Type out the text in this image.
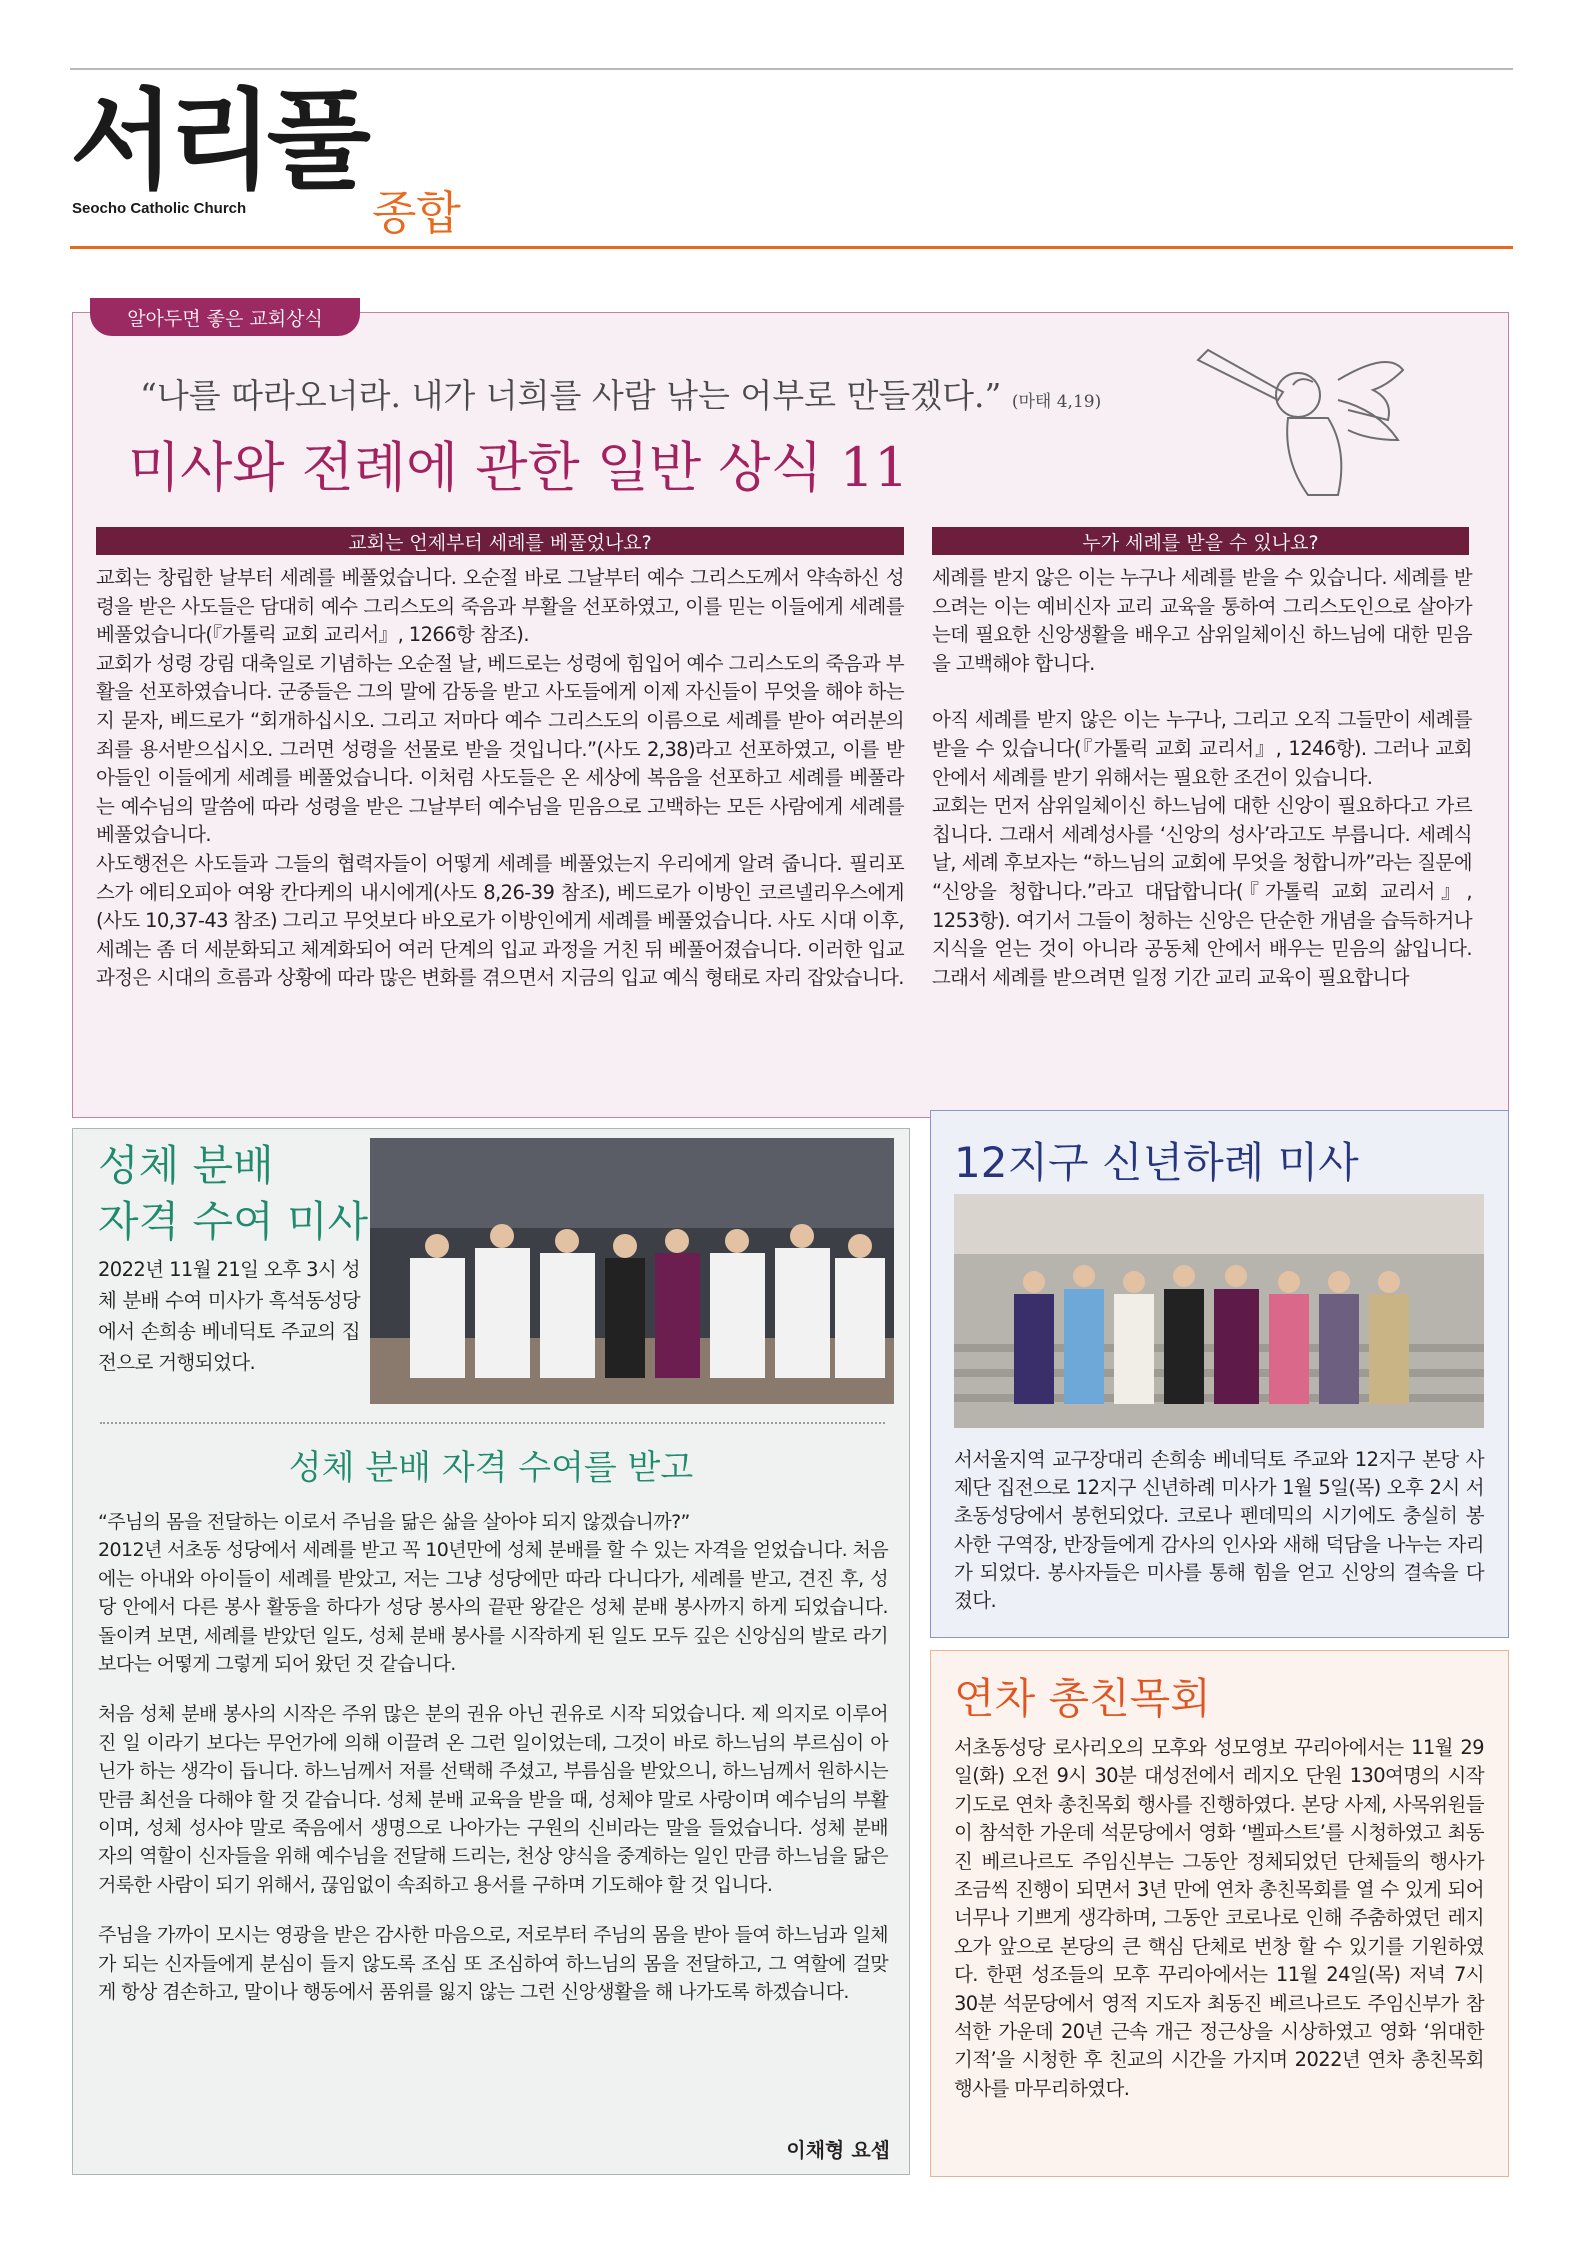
서리풀
Seocho Catholic Church	종합
알아두면 좋은 교회상식
“나를 따라오너라. 내가 너희를 사람 낚는 어부로 만들겠다.” (마태 4,19)
미사와 전례에 관한 일반 상식 11
교회는 언제부터 세례를 베풀었나요?

교회는 창립한 날부터 세례를 베풀었습니다. 오순절 바로 그날부터 예수 그리스도께서 약속하신 성령을 받은 사도들은 담대히 예수 그리스도의 죽음과 부활을 선포하였고, 이를 믿는 이들에게 세례를 베풀었습니다(『가톨릭 교회 교리서』, 1266항 참조).

교회가 성령 강림 대축일로 기념하는 오순절 날, 베드로는 성령에 힘입어 예수 그리스도의 죽음과 부활을 선포하였습니다. 군중들은 그의 말에 감동을 받고 사도들에게 이제 자신들이 무엇을 해야 하는지 묻자, 베드로가 “회개하십시오. 그리고 저마다 예수 그리스도의 이름으로 세례를 받아 여러분의 죄를 용서받으십시오. 그러면 성령을 선물로 받을 것입니다.”(사도 2,38)라고 선포하였고, 이를 받아들인 이들에게 세례를 베풀었습니다. 이처럼 사도들은 온 세상에 복음을 선포하고 세례를 베풀라는 예수님의 말씀에 따라 성령을 받은 그날부터 예수님을 믿음으로 고백하는 모든 사람에게 세례를 베풀었습니다.

사도행전은 사도들과 그들의 협력자들이 어떻게 세례를 베풀었는지 우리에게 알려 줍니다. 필리포스가 에티오피아 여왕 칸다케의 내시에게(사도 8,26-39 참조), 베드로가 이방인 코르넬리우스에게(사도 10,37-43 참조) 그리고 무엇보다 바오로가 이방인에게 세례를 베풀었습니다. 사도 시대 이후, 세례는 좀 더 세분화되고 체계화되어 여러 단계의 입교 과정을 거친 뒤 베풀어졌습니다. 이러한 입교 과정은 시대의 흐름과 상황에 따라 많은 변화를 겪으면서 지금의 입교 예식 형태로 자리 잡았습니다.

누가 세례를 받을 수 있나요?

세례를 받지 않은 이는 누구나 세례를 받을 수 있습니다. 세례를 받으려는 이는 예비신자 교리 교육을 통하여 그리스도인으로 살아가는데 필요한 신앙생활을 배우고 삼위일체이신 하느님에 대한 믿음을 고백해야 합니다.

아직 세례를 받지 않은 이는 누구나, 그리고 오직 그들만이 세례를 받을 수 있습니다(『가톨릭 교회 교리서』, 1246항). 그러나 교회 안에서 세례를 받기 위해서는 필요한 조건이 있습니다.

교회는 먼저 삼위일체이신 하느님에 대한 신앙이 필요하다고 가르칩니다. 그래서 세례성사를 ‘신앙의 성사’라고도 부릅니다. 세례식 날, 세례 후보자는 “하느님의 교회에 무엇을 청합니까”라는 질문에 “신앙을 청합니다.”라고 대답합니다(『가톨릭 교회 교리서』, 1253항). 여기서 그들이 청하는 신앙은 단순한 개념을 습득하거나 지식을 얻는 것이 아니라 공동체 안에서 배우는 믿음의 삶입니다. 그래서 세례를 받으려면 일정 기간 교리 교육이 필요합니다

성체 분배
자격 수여 미사
2022년 11월 21일 오후 3시 성체 분배 수여 미사가 흑석동성당에서 손희송 베네딕토 주교의 집전으로 거행되었다.
성체 분배 자격 수여를 받고

“주님의 몸을 전달하는 이로서 주님을 닮은 삶을 살아야 되지 않겠습니까?”
2012년 서초동 성당에서 세례를 받고 꼭 10년만에 성체 분배를 할 수 있는 자격을 얻었습니다. 처음에는 아내와 아이들이 세례를 받았고, 저는 그냥 성당에만 따라 다니다가, 세례를 받고, 견진 후, 성당 안에서 다른 봉사 활동을 하다가 성당 봉사의 끝판 왕같은 성체 분배 봉사까지 하게 되었습니다. 돌이켜 보면, 세례를 받았던 일도, 성체 분배 봉사를 시작하게 된 일도 모두 깊은 신앙심의 발로 라기 보다는 어떻게 그렇게 되어 왔던 것 같습니다.

처음 성체 분배 봉사의 시작은 주위 많은 분의 권유 아닌 권유로 시작 되었습니다. 제 의지로 이루어 진 일 이라기 보다는 무언가에 의해 이끌려 온 그런 일이었는데, 그것이 바로 하느님의 부르심이 아닌가 하는 생각이 듭니다. 하느님께서 저를 선택해 주셨고, 부름심을 받았으니, 하느님께서 원하시는 만큼 최선을 다해야 할 것 같습니다. 성체 분배 교육을 받을 때, 성체야 말로 사랑이며 예수님의 부활이며, 성체 성사야 말로 죽음에서 생명으로 나아가는 구원의 신비라는 말을 들었습니다. 성체 분배 자의 역할이 신자들을 위해 예수님을 전달해 드리는, 천상 양식을 중계하는 일인 만큼 하느님을 닮은 거룩한 사람이 되기 위해서, 끊임없이 속죄하고 용서를 구하며 기도해야 할 것 입니다.

주님을 가까이 모시는 영광을 받은 감사한 마음으로, 저로부터 주님의 몸을 받아 들여 하느님과 일체가 되는 신자들에게 분심이 들지 않도록 조심 또 조심하여 하느님의 몸을 전달하고, 그 역할에 걸맞게 항상 겸손하고, 말이나 행동에서 품위를 잃지 않는 그런 신앙생활을 해 나가도록 하겠습니다.

이채형 요셉
12지구 신년하례 미사
서서울지역 교구장대리 손희송 베네딕토 주교와 12지구 본당 사제단 집전으로 12지구 신년하례 미사가 1월 5일(목) 오후 2시 서초동성당에서 봉헌되었다. 코로나 펜데믹의 시기에도 충실히 봉사한 구역장, 반장들에게 감사의 인사와 새해 덕담을 나누는 자리가 되었다. 봉사자들은 미사를 통해 힘을 얻고 신앙의 결속을 다졌다.
연차 총친목회
서초동성당 로사리오의 모후와 성모영보 꾸리아에서는 11월 29일(화) 오전 9시 30분 대성전에서 레지오 단원 130여명의 시작기도로 연차 총친목회 행사를 진행하였다. 본당 사제, 사목위원들이 참석한 가운데 석문당에서 영화 ‘벨파스트’를 시청하였고 최동진 베르나르도 주임신부는 그동안 정체되었던 단체들의 행사가 조금씩 진행이 되면서 3년 만에 연차 총친목회를 열 수 있게 되어 너무나 기쁘게 생각하며, 그동안 코로나로 인해 주춤하였던 레지오가 앞으로 본당의 큰 핵심 단체로 번창 할 수 있기를 기원하였다. 한편 성조들의 모후 꾸리아에서는 11월 24일(목) 저녁 7시30분 석문당에서 영적 지도자 최동진 베르나르도 주임신부가 참석한 가운데 20년 근속 개근 정근상을 시상하였고 영화 ‘위대한 기적’을 시청한 후 친교의 시간을 가지며 2022년 연차 총친목회 행사를 마무리하였다.
